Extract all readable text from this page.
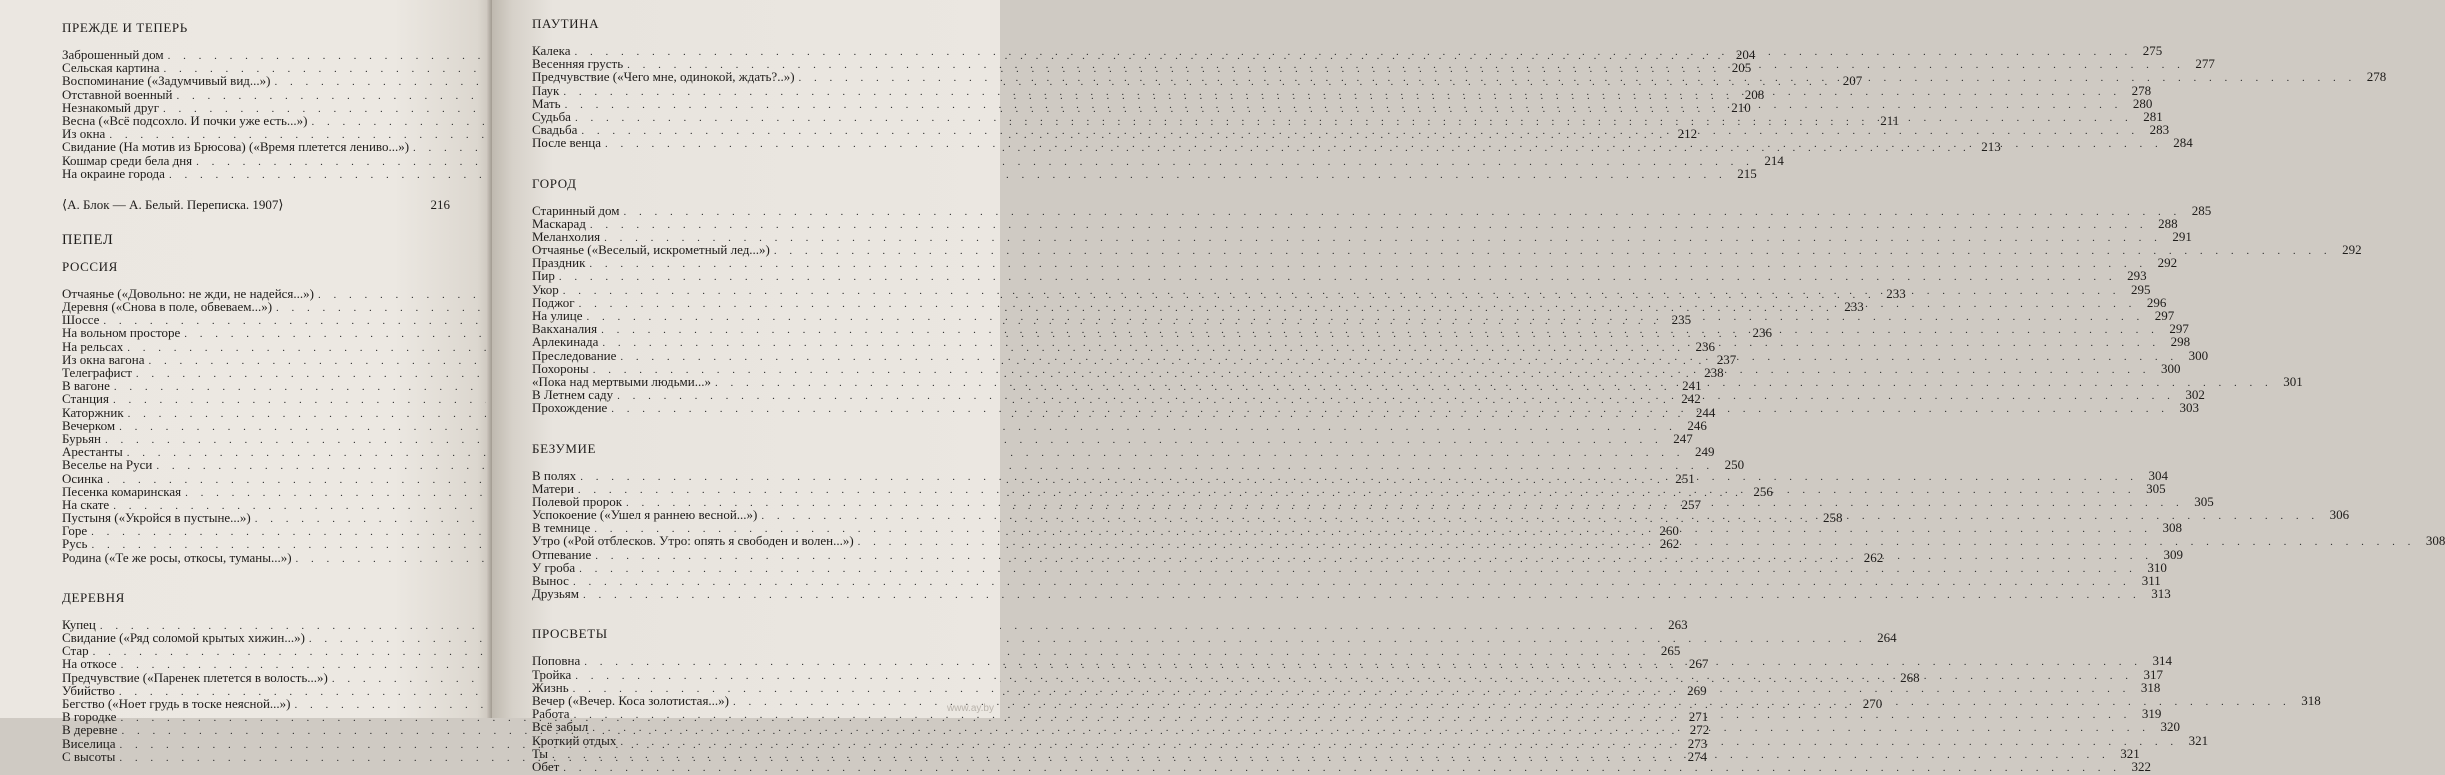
ПРЕЖДЕ И ТЕПЕРЬ
Заброшенный дом . . .	204
Сельская картина . . .	205
Воспоминание («Задумчивый вид...») . . .	207
Отставной военный . . .	208
Незнакомый друг . . .	210
Весна («Всё подсохло. И почки уже есть...») . . .	211
Из окна . . .	212
Свидание (На мотив из Брюсова) («Время плетется лениво...») . . .	213
Кошмар среди бела дня . . .	214
На окраине города . . .	215
⟨А. Блок — А. Белый. Переписка. 1907⟩	216
ПЕПЕЛ
РОССИЯ
Отчаянье («Довольно: не жди, не надейся...») . . .	233
Деревня («Снова в поле, обвеваем...») . . .	233
Шоссе . . .	235
На вольном просторе . . .	236
На рельсах . . .	236
Из окна вагона . . .	237
Телеграфист . . .	238
В вагоне . . .	241
Станция . . .	242
Каторжник . . .	244
Вечерком . . .	246
Бурьян . . .	247
Арестанты . . .	249
Веселье на Руси . . .	250
Осинка . . .	251
Песенка комаринская . . .	256
На скате . . .	257
Пустыня («Укройся в пустыне...») . . .	258
Горе . . .	260
Русь . . .	262
Родина («Те же росы, откосы, туманы...») . . .	262
ДЕРЕВНЯ
Купец . . .	263
Свидание («Ряд соломой крытых хижин...») . . .	264
Стар . . .	265
На откосе . . .	267
Предчувствие («Паренек плетется в волость...») . . .	268
Убийство . . .	269
Бегство («Ноет грудь в тоске неясной...») . . .	270
В городке . . .	271
В деревне . . .	272
Виселица . . .	273
С высоты . . .	274
ПАУТИНА
Калека . . .	275
Весенняя грусть . . .	277
Предчувствие («Чего мне, одинокой, ждать?..») . . .	278
Паук . . .	278
Мать . . .	280
Судьба . . .	281
Свадьба . . .	283
После венца . . .	284
ГОРОД
Старинный дом . . .	285
Маскарад . . .	288
Меланхолия . . .	291
Отчаянье («Веселый, искрометный лед...») . . .	292
Праздник . . .	292
Пир . . .	293
Укор . . .	295
Поджог . . .	296
На улице . . .	297
Вакханалия . . .	297
Арлекинада . . .	298
Преследование . . .	300
Похороны . . .	300
«Пока над мертвыми людьми...» . . .	301
В Летнем саду . . .	302
Прохождение . . .	303
БЕЗУМИЕ
В полях . . .	304
Матери . . .	305
Полевой пророк . . .	305
Успокоение («Ушел я раннею весной...») . . .	306
В темнице . . .	308
Утро («Рой отблесков. Утро: опять я свободен и волен...») . . .	308
Отпевание . . .	309
У гроба . . .	310
Вынос . . .	311
Друзьям . . .	313
ПРОСВЕТЫ
Поповна . . .	314
Тройка . . .	317
Жизнь . . .	318
Вечер («Вечер. Коса золотистая...») . . .	318
Работа . . .	319
Всё забыл . . .	320
Кроткий отдых . . .	321
Ты . . .	321
Обет . . .	322
www.ay.by
